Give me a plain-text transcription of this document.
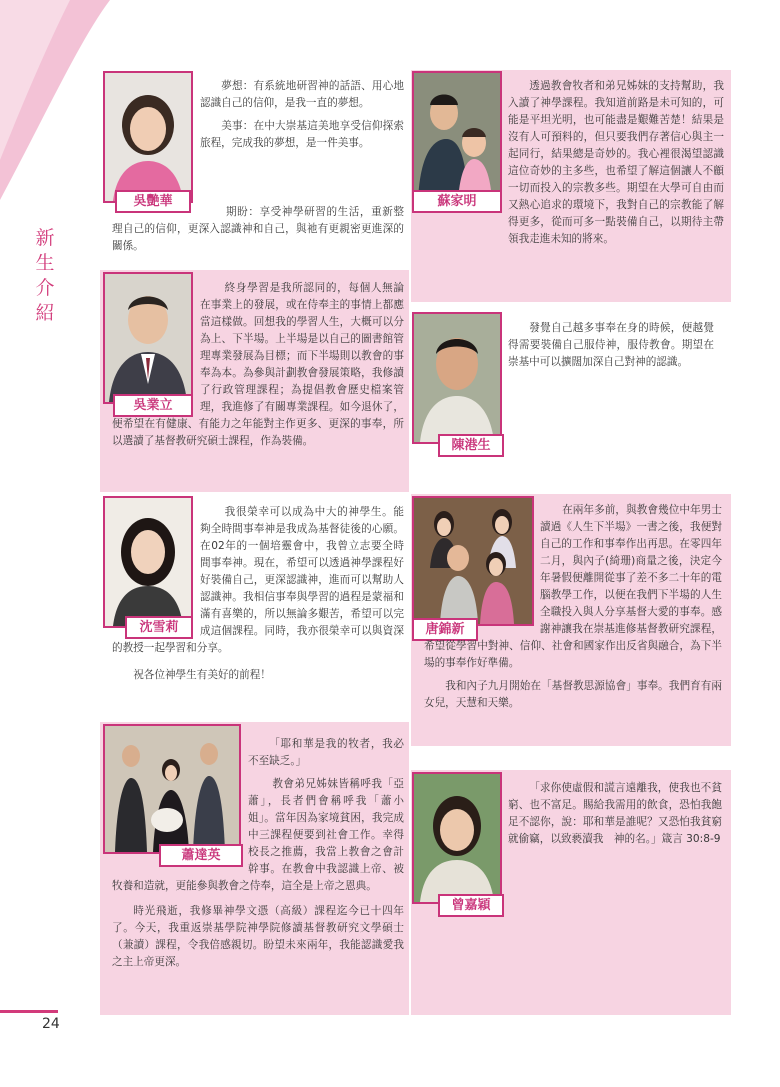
新
生
介
紹
吳艷華

夢想：有系統地研習神的話語、用心地認識自己的信仰，是我一直的夢想。

美事：在中大崇基這美地享受信仰探索旅程，完成我的夢想，是一件美事。

期盼：享受神學研習的生活，重新整理自己的信仰，更深入認識神和自己，與祂有更親密更進深的關係。

蘇家明

透過教會牧者和弟兄姊妹的支持幫助，我入讀了神學課程。我知道前路是未可知的，可能是平坦光明，也可能盡是艱難苦楚！結果是沒有人可預料的，但只要我們存著信心與主一起同行，結果總是奇妙的。我心裡很渴望認識這位奇妙的主多些，也希望了解這個讓人不顧一切而投入的宗教多些。期望在大學可自由而又熱心追求的環境下，我對自己的宗教能了解得更多，從而可多一點裝備自己，以期待主帶領我走進未知的將來。

吳業立

終身學習是我所認同的，每個人無論在事業上的發展，或在侍奉主的事情上都應當這樣做。回想我的學習人生，大概可以分為上、下半場。上半場是以自己的圖書館管理專業發展為目標；而下半場則以教會的事奉為本。為參與計劃教會發展策略，我修讀了行政管理課程；為提倡教會歷史檔案管理，我進修了有關專業課程。如今退休了，便希望在有健康、有能力之年能對主作更多、更深的事奉，所以選讀了基督教研究碩士課程，作為裝備。	陳港生

發覺自己越多事奉在身的時候，便越覺得需要裝備自己服侍神，服侍教會。期望在崇基中可以擴闊加深自己對神的認識。

沈雪莉

我很榮幸可以成為中大的神學生。能夠全時間事奉神是我成為基督徒後的心願。在02年的一個培靈會中，我曾立志要全時間事奉神。現在，希望可以透過神學課程好好裝備自己，更深認識神，進而可以幫助人認識神。我相信事奉與學習的過程是蒙福和滿有喜樂的，所以無論多艱苦，希望可以完成這個課程。同時，我亦很榮幸可以與資深的教授一起學習和分享。

祝各位神學生有美好的前程！

唐錦新

在兩年多前，與教會幾位中年男士讀過《人生下半場》一書之後，我便對自己的工作和事奉作出再思。在零四年二月，與內子(綺珊)商量之後，決定今年暑假便離開從事了差不多二十年的電腦教學工作，以便在我們下半場的人生全職投入與人分享基督大愛的事奉。感謝神讓我在崇基進修基督教研究課程，希望從學習中對神、信仰、社會和國家作出反省與融合，為下半場的事奉作好準備。

我和內子九月開始在「基督教思源協會」事奉。我們育有兩女兒，天慧和天樂。

蕭達英

「耶和華是我的牧者，我必不至缺乏。」

教會弟兄姊妹皆稱呼我「亞蕭」，長者們會稱呼我「蕭小姐」。當年因為家境貧困，我完成中三課程便要到社會工作。幸得校長之推薦，我當上教會之會計幹事。在教會中我認識上帝、被牧養和造就，更能參與教會之侍奉，這全是上帝之恩典。

時光飛逝，我修畢神學文憑（高級）課程迄今已十四年了。今天，我重返崇基學院神學院修讀基督教研究文學碩士（兼讀）課程，令我倍感親切。盼望未來兩年，我能認識愛我之主上帝更深。

曾嘉穎

「求你使虛假和謊言遠離我，使我也不貧窮、也不富足。賜給我需用的飲食，恐怕我飽足不認你，說：耶和華是誰呢？又恐怕我貧窮就偷竊，以致褻瀆我　神的名。」箴言 30:8-9

24
